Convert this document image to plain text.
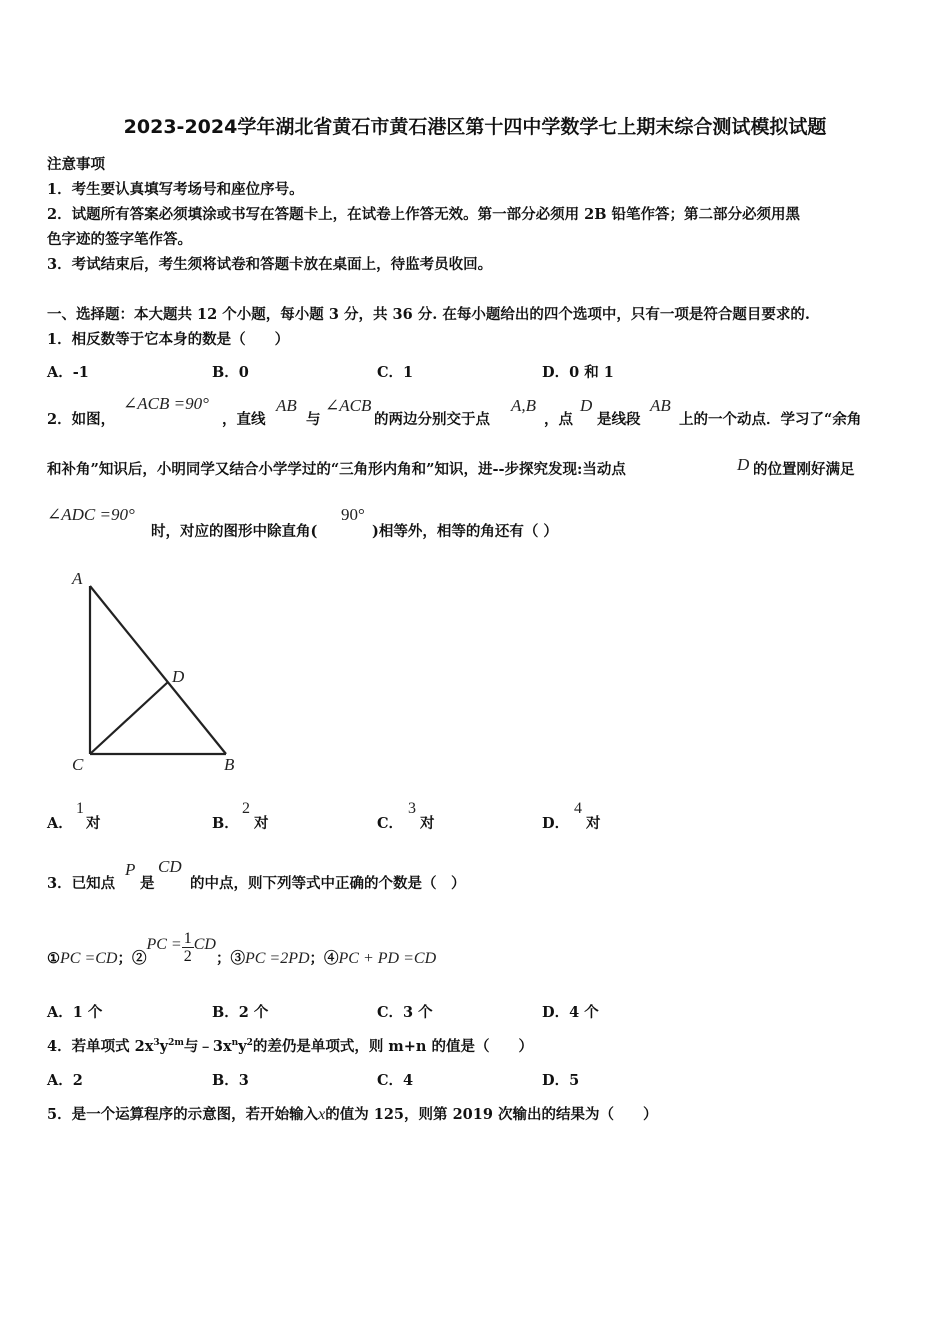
2023-2024学年湖北省黄石市黄石港区第十四中学数学七上期末综合测试模拟试题
注意事项
1．考生要认真填写考场号和座位序号。
2．试题所有答案必须填涂或书写在答题卡上，在试卷上作答无效。第一部分必须用 2B 铅笔作答；第二部分必须用黑
色字迹的签字笔作答。
3．考试结束后，考生须将试卷和答题卡放在桌面上，待监考员收回。
一、选择题：本大题共 12 个小题，每小题 3 分，共 36 分. 在每小题给出的四个选项中，只有一项是符合题目要求的.
1．相反数等于它本身的数是（　　）
A．-1	B．0	C．1	D．0 和 1
2．如图，
∠ACB =90°
，直线
AB
与
∠ACB
的两边分别交于点
A,B
，点
D
是线段
AB
上的一个动点．学习了“余角
和补角”知识后，小明同学又结合小学学过的“三角形内角和”知识，进--步探究发现:当动点	D 的位置刚好满足
∠ADC =90°
时，对应的图形中除直角(
90°
)相等外，相等的角还有（ ）
A
D
C	B
A．
1
对	B．
2
对	C．
3
对	D．
4
对
3．已知点
P
是
CD
的中点，则下列等式中正确的个数是（　）
①PC =CD；②PC = $\frac{1}{2}$ CD；③PC =2PD；④PC + PD =CD
A．1 个	B．2 个	C．3 个	D．4 个
4．若单项式 $2x^3y^{2m}$与$﹣3x^ny^2$的差仍是单项式，则 m+n 的值是（　　）
A．2	B．3	C．4	D．5
5．是一个运算程序的示意图，若开始输入x的值为 125，则第 2019 次输出的结果为（　　）
